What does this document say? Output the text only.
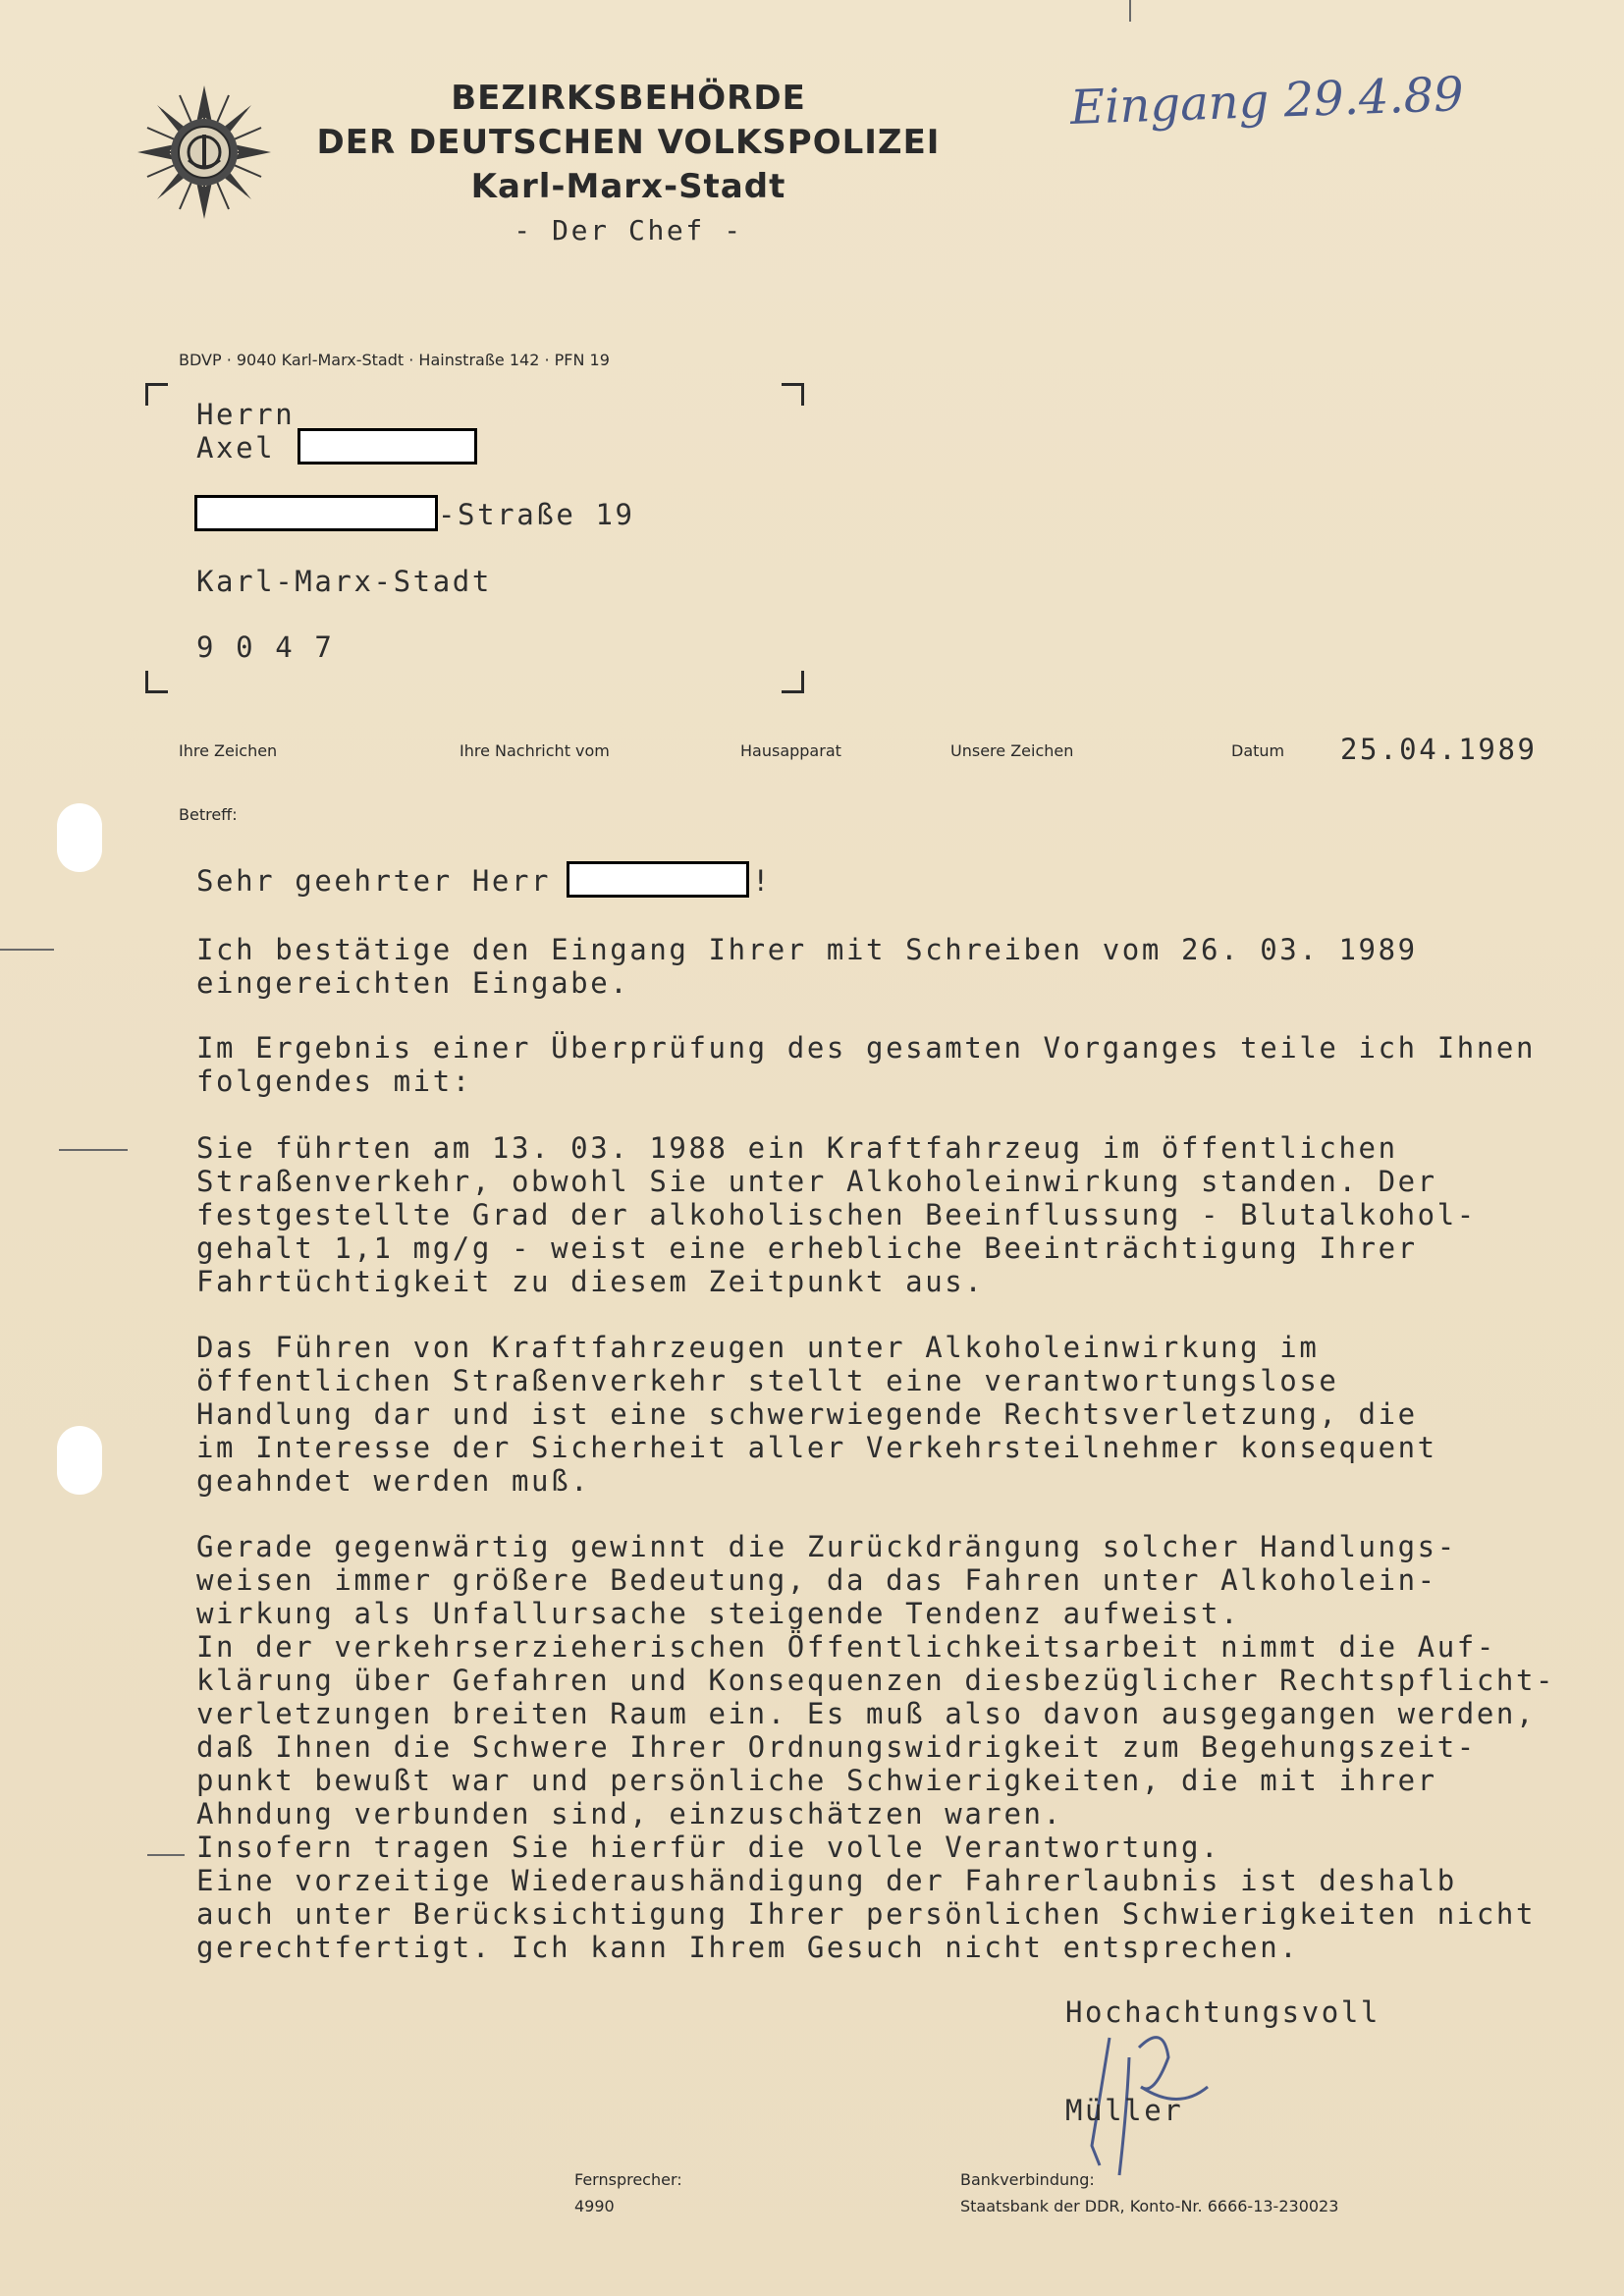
BEZIRKSBEHÖRDE
DER DEUTSCHEN VOLKSPOLIZEI
Karl-Marx-Stadt
- Der Chef -
Eingang 29.4.89
BDVP · 9040 Karl-Marx-Stadt · Hainstraße 142 · PFN 19
Herrn
Axel
-Straße 19
Karl-Marx-Stadt
9 0 4 7
Ihre Zeichen	Ihre Nachricht vom	Hausapparat	Unsere Zeichen	Datum 25.04.1989
Betreff:
Sehr geehrter Herr	!
Ich bestätige den Eingang Ihrer mit Schreiben vom 26. 03. 1989
eingereichten Eingabe.
Im Ergebnis einer Überprüfung des gesamten Vorganges teile ich Ihnen
folgendes mit:
Sie führten am 13. 03. 1988 ein Kraftfahrzeug im öffentlichen
Straßenverkehr, obwohl Sie unter Alkoholeinwirkung standen. Der
festgestellte Grad der alkoholischen Beeinflussung - Blutalkohol-
gehalt 1,1 mg/g - weist eine erhebliche Beeinträchtigung Ihrer
Fahrtüchtigkeit zu diesem Zeitpunkt aus.
Das Führen von Kraftfahrzeugen unter Alkoholeinwirkung im
öffentlichen Straßenverkehr stellt eine verantwortungslose
Handlung dar und ist eine schwerwiegende Rechtsverletzung, die
im Interesse der Sicherheit aller Verkehrsteilnehmer konsequent
geahndet werden muß.
Gerade gegenwärtig gewinnt die Zurückdrängung solcher Handlungs-
weisen immer größere Bedeutung, da das Fahren unter Alkoholein-
wirkung als Unfallursache steigende Tendenz aufweist.
In der verkehrserzieherischen Öffentlichkeitsarbeit nimmt die Auf-
klärung über Gefahren und Konsequenzen diesbezüglicher Rechtspflicht-
verletzungen breiten Raum ein. Es muß also davon ausgegangen werden,
daß Ihnen die Schwere Ihrer Ordnungswidrigkeit zum Begehungszeit-
punkt bewußt war und persönliche Schwierigkeiten, die mit ihrer
Ahndung verbunden sind, einzuschätzen waren.
Insofern tragen Sie hierfür die volle Verantwortung.
Eine vorzeitige Wiederaushändigung der Fahrerlaubnis ist deshalb
auch unter Berücksichtigung Ihrer persönlichen Schwierigkeiten nicht
gerechtfertigt. Ich kann Ihrem Gesuch nicht entsprechen.
Hochachtungsvoll
Müller
Fernsprecher:
4990
Bankverbindung:
Staatsbank der DDR, Konto-Nr. 6666-13-230023
